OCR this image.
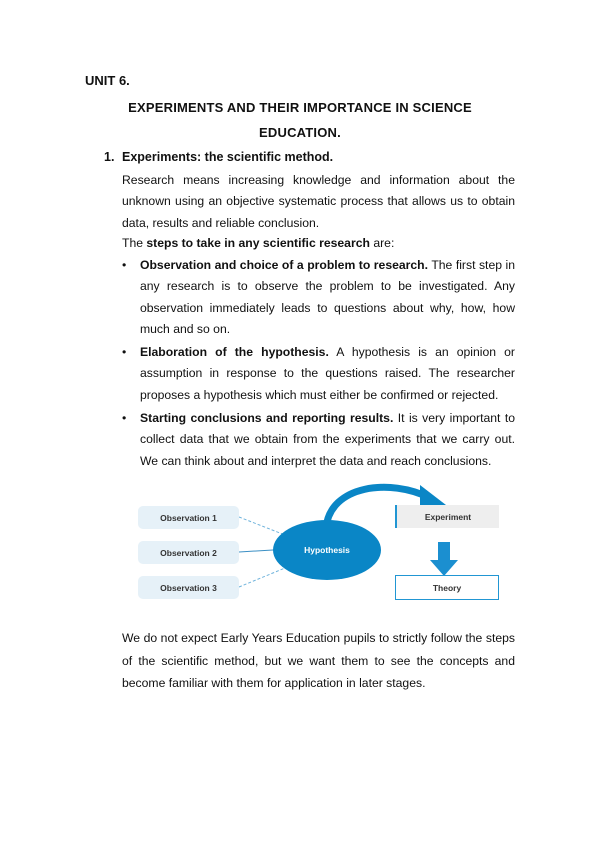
UNIT 6.
EXPERIMENTS AND THEIR IMPORTANCE IN SCIENCE
EDUCATION.
1. Experiments: the scientific method.
Research means increasing knowledge and information about the unknown using an objective systematic process that allows us to obtain data, results and reliable conclusion.
The steps to take in any scientific research are:
• Observation and choice of a problem to research. The first step in any research is to observe the problem to be investigated. Any observation immediately leads to questions about why, how, how much and so on.
• Elaboration of the hypothesis. A hypothesis is an opinion or assumption in response to the questions raised. The researcher proposes a hypothesis which must either be confirmed or rejected.
• Starting conclusions and reporting results. It is very important to collect data that we obtain from the experiments that we carry out. We can think about and interpret the data and reach conclusions.
Observation 1
Observation 2
Observation 3
Hypothesis
Experiment
Theory
We do not expect Early Years Education pupils to strictly follow the steps of the scientific method, but we want them to see the concepts and become familiar with them for application in later stages.
